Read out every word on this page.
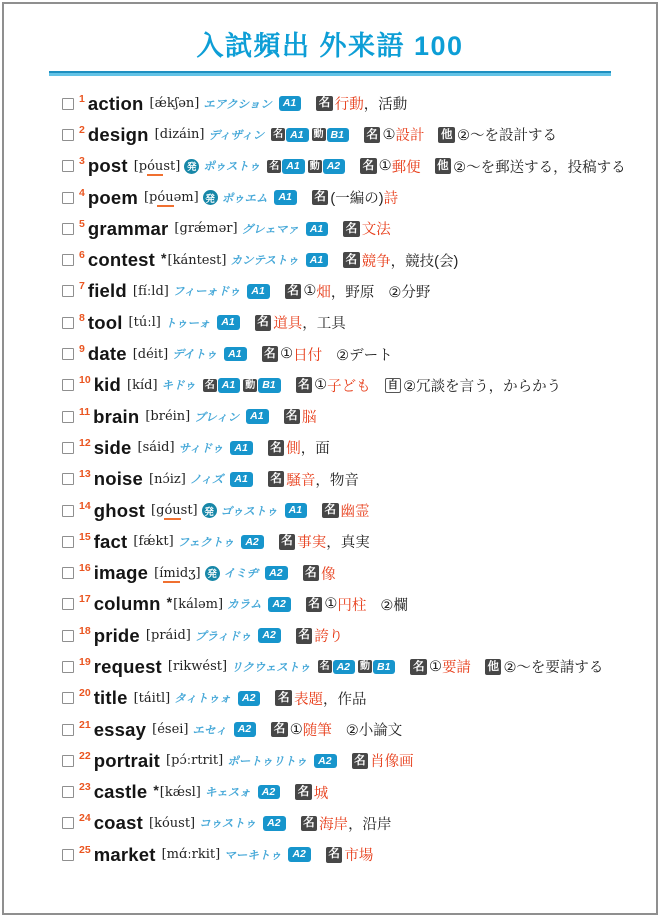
入試頻出 外来語 100
1 action [ǽkʃən] エアクション	A1	名 行動 ，活動
2 design [dizáin] ディザィン 名 A1	動 B1	名 ① 設計 他 ②〜を設計する
3 post [póust] 発 ポゥストゥ 名 A1	動 A2	名 ① 郵便 他 ②〜を郵送する，投稿する
4 poem [póuəm] 発 ポゥエム	A1	名 (一編の) 詩
5 grammar [grǽmər] グレェマァ	A1	名 文法
6 contest * [kántest] カンテストゥ	A1	名 競争 ，競技(会)
7 field [fíːld] フィーォドゥ	A1	名 ① 畑 ，野原 ②分野
8 tool [túːl] トゥーォ	A1	名 道具 ，工具
9 date [déit] デイトゥ	A1	名 ① 日付 ②デート
10 kid [kíd] キドゥ 名 A1	動 B1	名 ① 子ども 自 ②冗談を言う，からかう
11 brain [bréin] ブレィン	A1	名 脳
12 side [sáid] サィドゥ	A1	名 側 ，面
13 noise [nɔ́iz] ノィズ	A1	名 騒音 ，物音
14 ghost [góust] 発 ゴゥストゥ	A1	名 幽霊
15 fact [fǽkt] フェクトゥ	A2	名 事実 ，真実
16 image [ímidʒ] 発 イミヂ	A2	名 像
17 column * [káləm] カラム	A2	名 ① 円柱 ②欄
18 pride [práid] プラィドゥ	A2	名 誇り
19 request [rikwést] リクウェストゥ 名 A2	動 B1	名 ① 要請 他 ②〜を要請する
20 title [táitl] タィトゥォ	A2	名 表題 ，作品
21 essay [ései] エセィ	A2	名 ① 随筆 ②小論文
22 portrait [pɔ́ːrtrit] ポートゥリトゥ	A2	名 肖像画
23 castle * [kǽsl] キェスォ	A2	名 城
24 coast [kóust] コゥストゥ	A2	名 海岸 ，沿岸
25 market [mɑ́ːrkit] マーキトゥ	A2	名 市場
